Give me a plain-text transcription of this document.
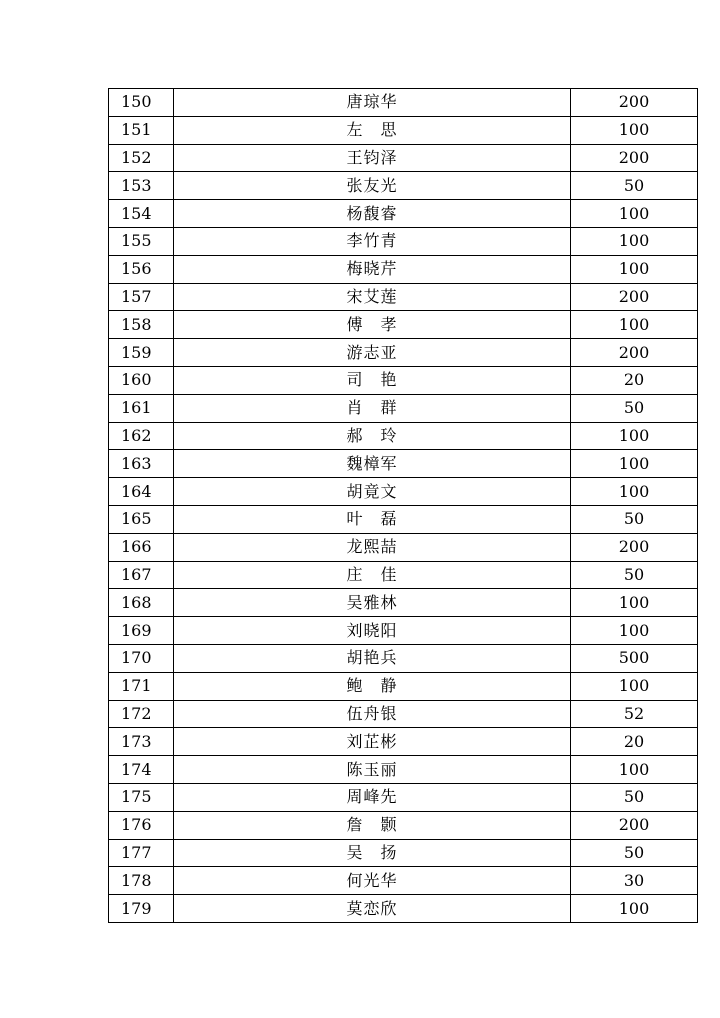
150	唐琼华	200
151	左　思	100
152	王钧泽	200
153	张友光	50
154	杨馥睿	100
155	李竹青	100
156	梅晓芹	100
157	宋艾莲	200
158	傅　孝	100
159	游志亚	200
160	司　艳	20
161	肖　群	50
162	郝　玲	100
163	魏樟军	100
164	胡竟文	100
165	叶　磊	50
166	龙熙喆	200
167	庄　佳	50
168	吴雅林	100
169	刘晓阳	100
170	胡艳兵	500
171	鲍　静	100
172	伍舟银	52
173	刘芷彬	20
174	陈玉丽	100
175	周峰先	50
176	詹　颢	200
177	吴　扬	50
178	何光华	30
179	莫恋欣	100
